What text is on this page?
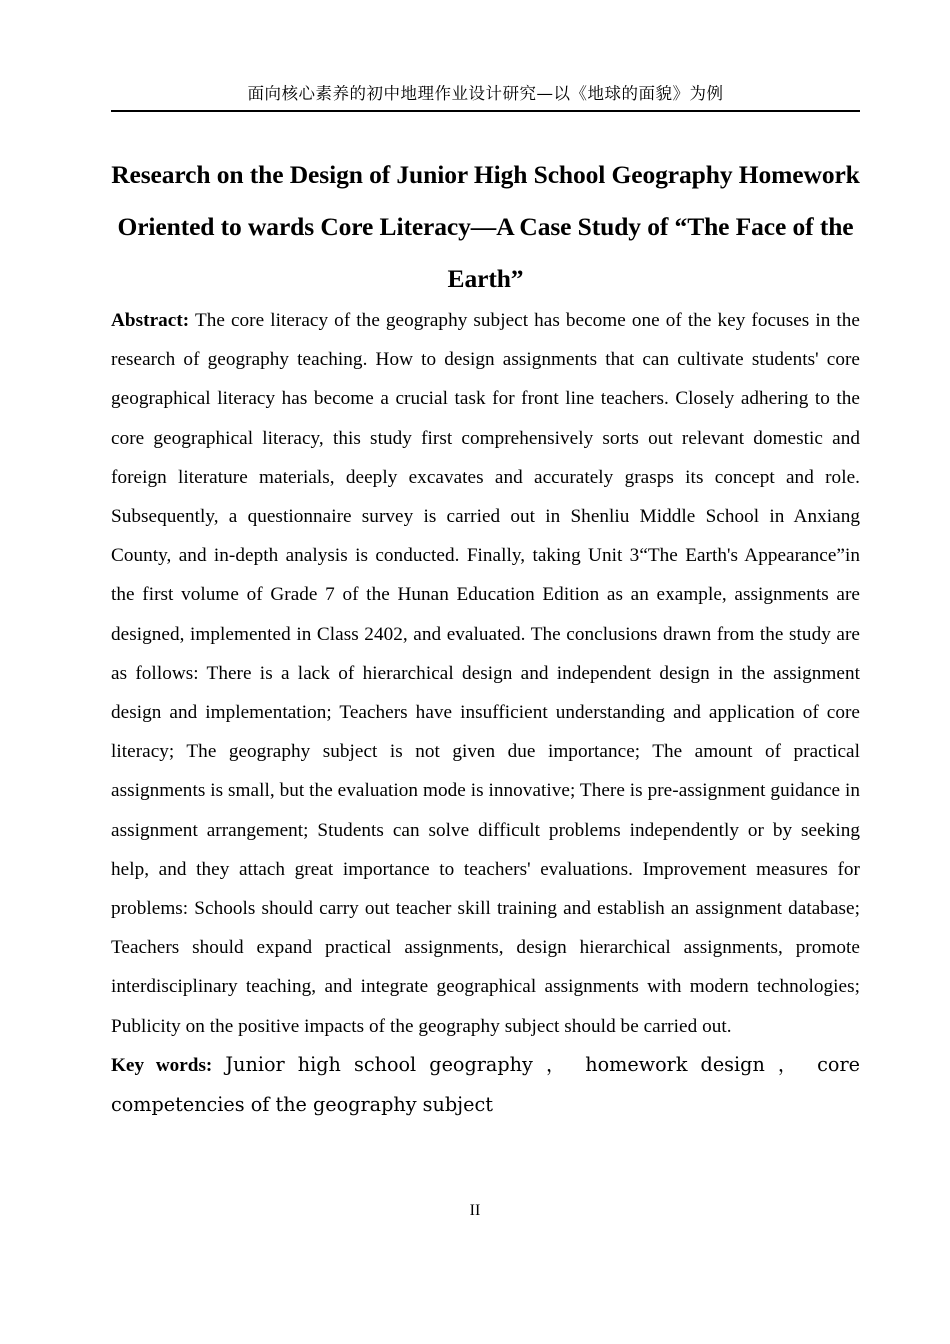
面向核心素养的初中地理作业设计研究—以《地球的面貌》为例
Research on the Design of Junior High School Geography Homework Oriented to wards Core Literacy—A Case Study of “The Face of the Earth”

Abstract: The core literacy of the geography subject has become one of the key focuses in the research of geography teaching. How to design assignments that can cultivate students' core geographical literacy has become a crucial task for front line teachers. Closely adhering to the core geographical literacy, this study first comprehensively sorts out relevant domestic and foreign literature materials, deeply excavates and accurately grasps its concept and role. Subsequently, a questionnaire survey is carried out in Shenliu Middle School in Anxiang County, and in-depth analysis is conducted. Finally, taking Unit 3“The Earth's Appearance”in the first volume of Grade 7 of the Hunan Education Edition as an example, assignments are designed, implemented in Class 2402, and evaluated. The conclusions drawn from the study are as follows: There is a lack of hierarchical design and independent design in the assignment design and implementation; Teachers have insufficient understanding and application of core literacy; The geography subject is not given due importance; The amount of practical assignments is small, but the evaluation mode is innovative; There is pre-assignment guidance in assignment arrangement; Students can solve difficult problems independently or by seeking help, and they attach great importance to teachers' evaluations. Improvement measures for problems: Schools should carry out teacher skill training and establish an assignment database; Teachers should expand practical assignments, design hierarchical assignments, promote interdisciplinary teaching, and integrate geographical assignments with modern technologies; Publicity on the positive impacts of the geography subject should be carried out.

Key words: Junior high school geography ， homework design ， core competencies of the geography subject

II
